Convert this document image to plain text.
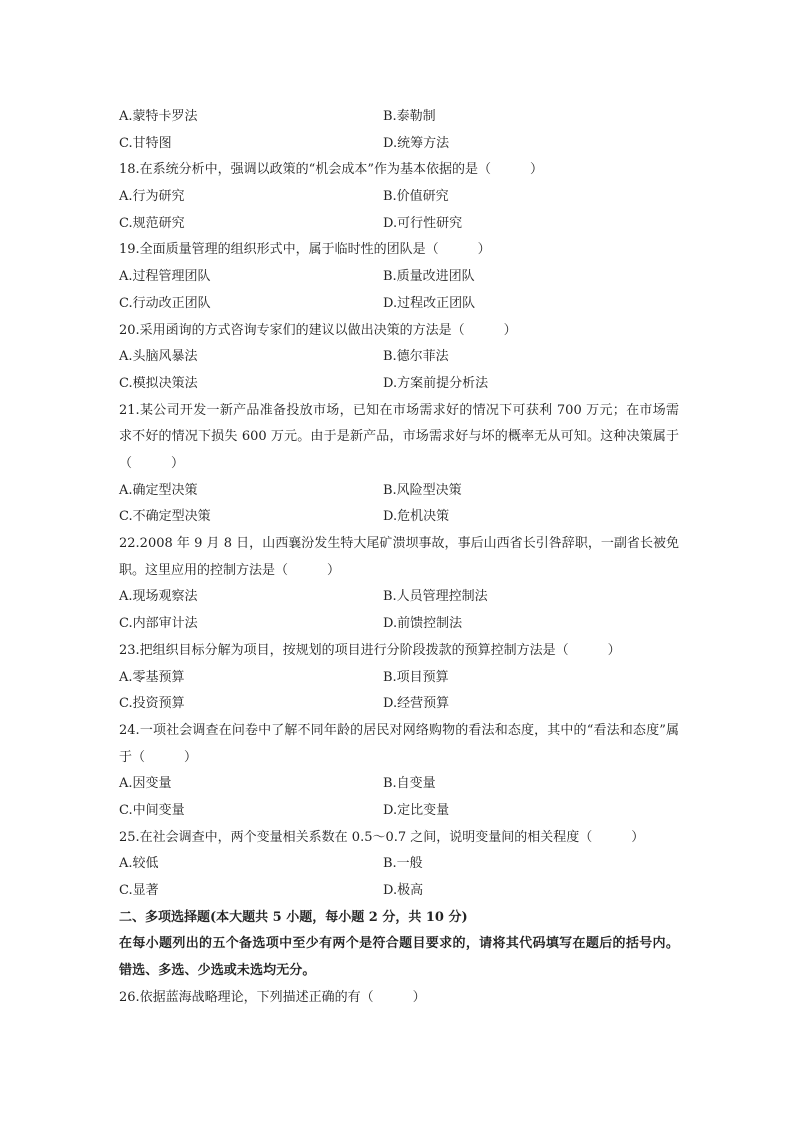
A.蒙特卡罗法	B.泰勒制
C.甘特图	D.统筹方法
18.在系统分析中，强调以政策的“机会成本”作为基本依据的是（　　　）
A.行为研究	B.价值研究
C.规范研究	D.可行性研究
19.全面质量管理的组织形式中，属于临时性的团队是（　　　）
A.过程管理团队	B.质量改进团队
C.行动改正团队	D.过程改正团队
20.采用函询的方式咨询专家们的建议以做出决策的方法是（　　　）
A.头脑风暴法	B.德尔菲法
C.模拟决策法	D.方案前提分析法
21.某公司开发一新产品准备投放市场，已知在市场需求好的情况下可获利 700 万元；在市场需求不好的情况下损失 600 万元。由于是新产品，市场需求好与坏的概率无从可知。这种决策属于（　　　）
A.确定型决策	B.风险型决策
C.不确定型决策	D.危机决策
22.2008 年 9 月 8 日，山西襄汾发生特大尾矿溃坝事故，事后山西省长引咎辞职，一副省长被免职。这里应用的控制方法是（　　　）
A.现场观察法	B.人员管理控制法
C.内部审计法	D.前馈控制法
23.把组织目标分解为项目，按规划的项目进行分阶段拨款的预算控制方法是（　　　）
A.零基预算	B.项目预算
C.投资预算	D.经营预算
24.一项社会调查在问卷中了解不同年龄的居民对网络购物的看法和态度，其中的“看法和态度”属于（　　　）
A.因变量	B.自变量
C.中间变量	D.定比变量
25.在社会调查中，两个变量相关系数在 0.5～0.7 之间，说明变量间的相关程度（　　　）
A.较低	B.一般
C.显著	D.极高
二、多项选择题(本大题共 5 小题，每小题 2 分，共 10 分)
在每小题列出的五个备选项中至少有两个是符合题目要求的，请将其代码填写在题后的括号内。错选、多选、少选或未选均无分。
26.依据蓝海战略理论，下列描述正确的有（　　　）
